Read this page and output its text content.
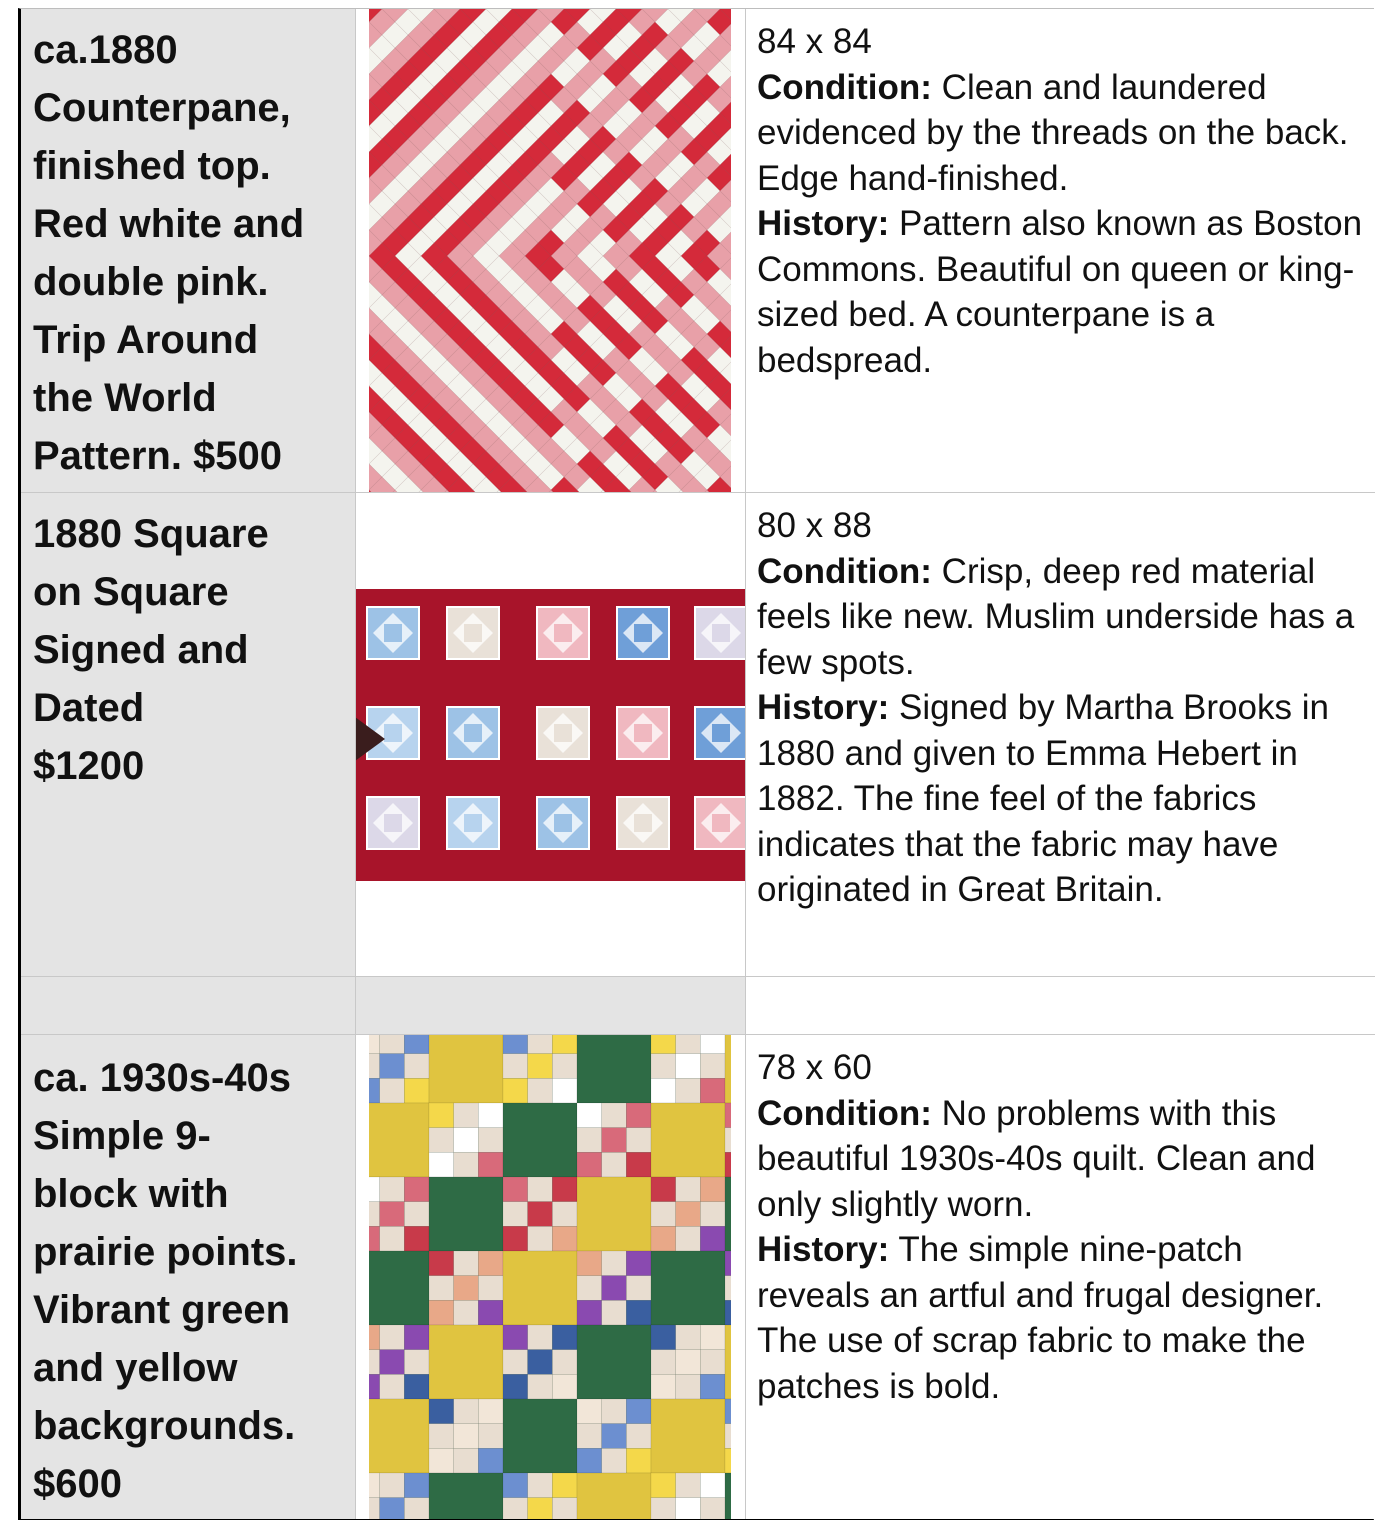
ca.1880
Counterpane,
finished top.
Red white and
double pink.
Trip Around
the World
Pattern. $500
84 x 84
Condition: Clean and laundered evidenced by the threads on the back. Edge hand-finished.
History: Pattern also known as Boston Commons. Beautiful on queen or king-sized bed. A counterpane is a bedspread.
1880 Square
on Square
Signed and
Dated
$1200
80 x 88
Condition: Crisp, deep red material feels like new. Muslim underside has a few spots.
History: Signed by Martha Brooks in 1880 and given to Emma Hebert in 1882. The fine feel of the fabrics indicates that the fabric may have originated in Great Britain.
ca. 1930s-40s
Simple 9-
block with
prairie points.
Vibrant green
and yellow
backgrounds.
$600
78 x 60
Condition: No problems with this beautiful 1930s-40s quilt. Clean and only slightly worn.
History: The simple nine-patch reveals an artful and frugal designer. The use of scrap fabric to make the patches is bold.
